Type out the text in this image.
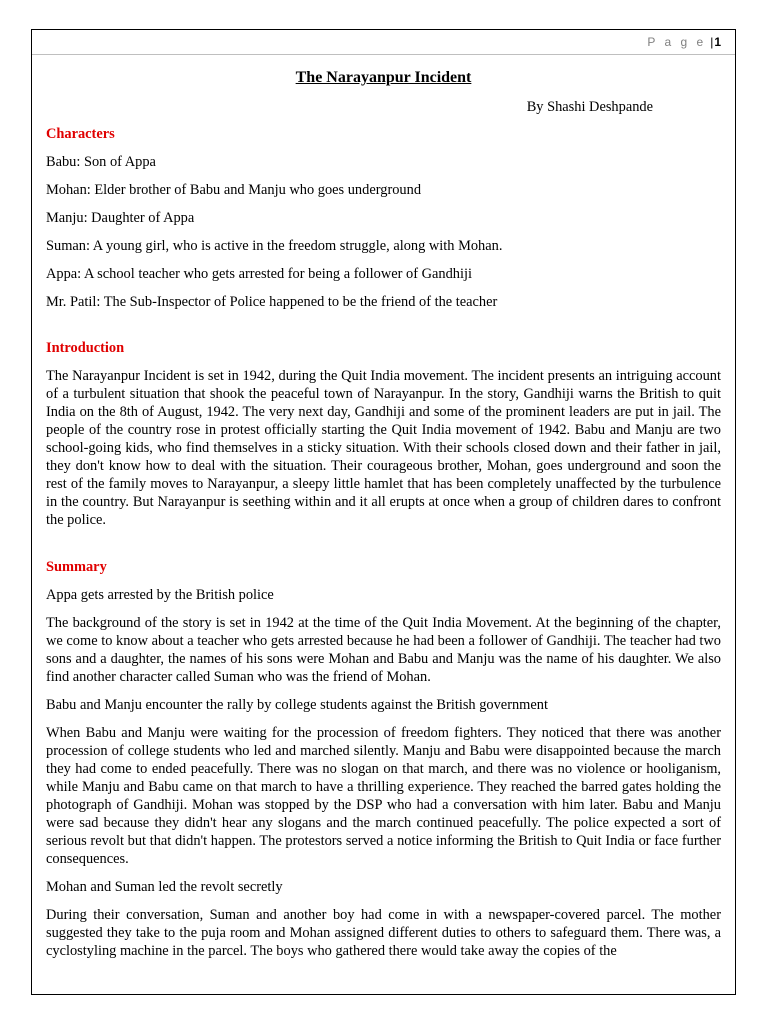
P a g e |1

The Narayanpur Incident

By Shashi Deshpande

Characters

Babu: Son of Appa

Mohan: Elder brother of Babu and Manju who goes underground

Manju: Daughter of Appa

Suman: A young girl, who is active in the freedom struggle, along with Mohan.

Appa: A school teacher who gets arrested for being a follower of Gandhiji

Mr. Patil: The Sub-Inspector of Police happened to be the friend of the teacher

Introduction

The Narayanpur Incident is set in 1942, during the Quit India movement. The incident presents an intriguing account of a turbulent situation that shook the peaceful town of Narayanpur. In the story, Gandhiji warns the British to quit India on the 8th of August, 1942. The very next day, Gandhiji and some of the prominent leaders are put in jail. The people of the country rose in protest officially starting the Quit India movement of 1942. Babu and Manju are two school-going kids, who find themselves in a sticky situation. With their schools closed down and their father in jail, they don't know how to deal with the situation. Their courageous brother, Mohan, goes underground and soon the rest of the family moves to Narayanpur, a sleepy little hamlet that has been completely unaffected by the turbulence in the country. But Narayanpur is seething within and it all erupts at once when a group of children dares to confront the police.

Summary

Appa gets arrested by the British police

The background of the story is set in 1942 at the time of the Quit India Movement. At the beginning of the chapter, we come to know about a teacher who gets arrested because he had been a follower of Gandhiji. The teacher had two sons and a daughter, the names of his sons were Mohan and Babu and Manju was the name of his daughter. We also find another character called Suman who was the friend of Mohan.

Babu and Manju encounter the rally by college students against the British government

When Babu and Manju were waiting for the procession of freedom fighters. They noticed that there was another procession of college students who led and marched silently. Manju and Babu were disappointed because the march they had come to ended peacefully. There was no slogan on that march, and there was no violence or hooliganism, while Manju and Babu came on that march to have a thrilling experience. They reached the barred gates holding the photograph of Gandhiji. Mohan was stopped by the DSP who had a conversation with him later. Babu and Manju were sad because they didn't hear any slogans and the march continued peacefully. The police expected a sort of serious revolt but that didn't happen. The protestors served a notice informing the British to Quit India or face further consequences.

Mohan and Suman led the revolt secretly

During their conversation, Suman and another boy had come in with a newspaper-covered parcel. The mother suggested they take to the puja room and Mohan assigned different duties to others to safeguard them. There was, a cyclostyling machine in the parcel. The boys who gathered there would take away the copies of the
